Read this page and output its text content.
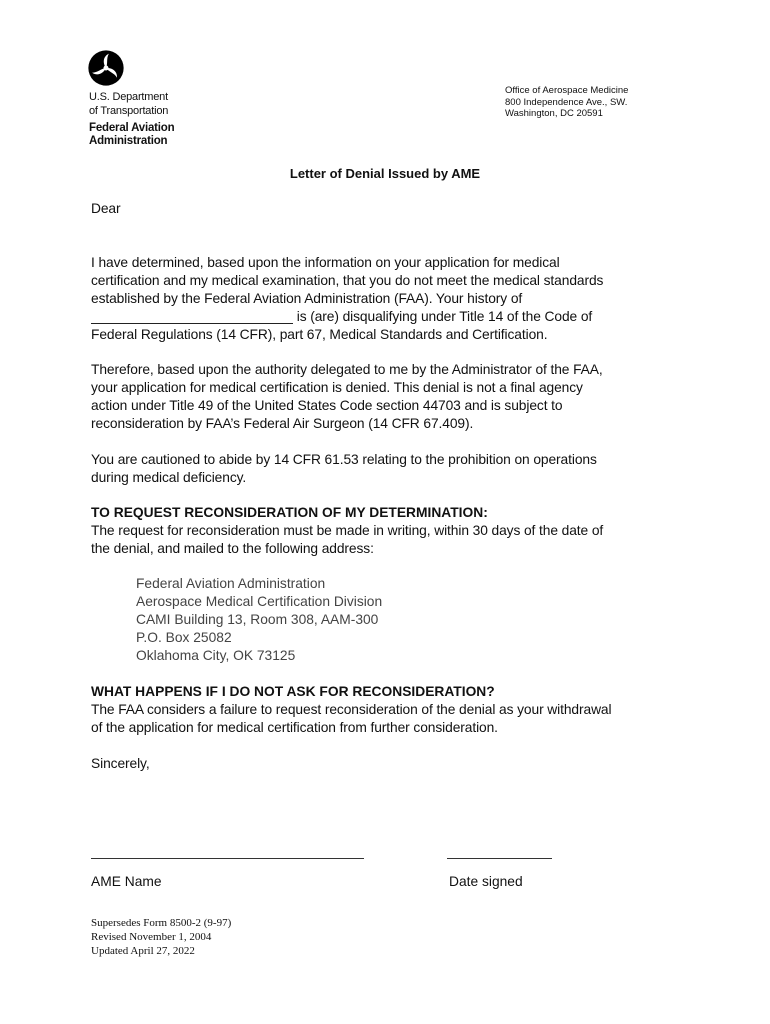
U.S. Department
of Transportation
Federal Aviation
Administration
Office of Aerospace Medicine
800 Independence Ave., SW.
Washington, DC 20591
Letter of Denial Issued by AME
Dear
I have determined, based upon the information on your application for medical
certification and my medical examination, that you do not meet the medical standards
established by the Federal Aviation Administration (FAA). Your history of
is (are) disqualifying under Title 14 of the Code of
Federal Regulations (14 CFR), part 67, Medical Standards and Certification.
Therefore, based upon the authority delegated to me by the Administrator of the FAA,
your application for medical certification is denied. This denial is not a final agency
action under Title 49 of the United States Code section 44703 and is subject to
reconsideration by FAA’s Federal Air Surgeon (14 CFR 67.409).
You are cautioned to abide by 14 CFR 61.53 relating to the prohibition on operations
during medical deficiency.
TO REQUEST RECONSIDERATION OF MY DETERMINATION:
The request for reconsideration must be made in writing, within 30 days of the date of
the denial, and mailed to the following address:
Federal Aviation Administration
Aerospace Medical Certification Division
CAMI Building 13, Room 308, AAM-300
P.O. Box 25082
Oklahoma City, OK 73125
WHAT HAPPENS IF I DO NOT ASK FOR RECONSIDERATION?
The FAA considers a failure to request reconsideration of the denial as your withdrawal
of the application for medical certification from further consideration.
Sincerely,
AME Name	Date signed
Supersedes Form 8500-2 (9-97)
Revised November 1, 2004
Updated April 27, 2022
